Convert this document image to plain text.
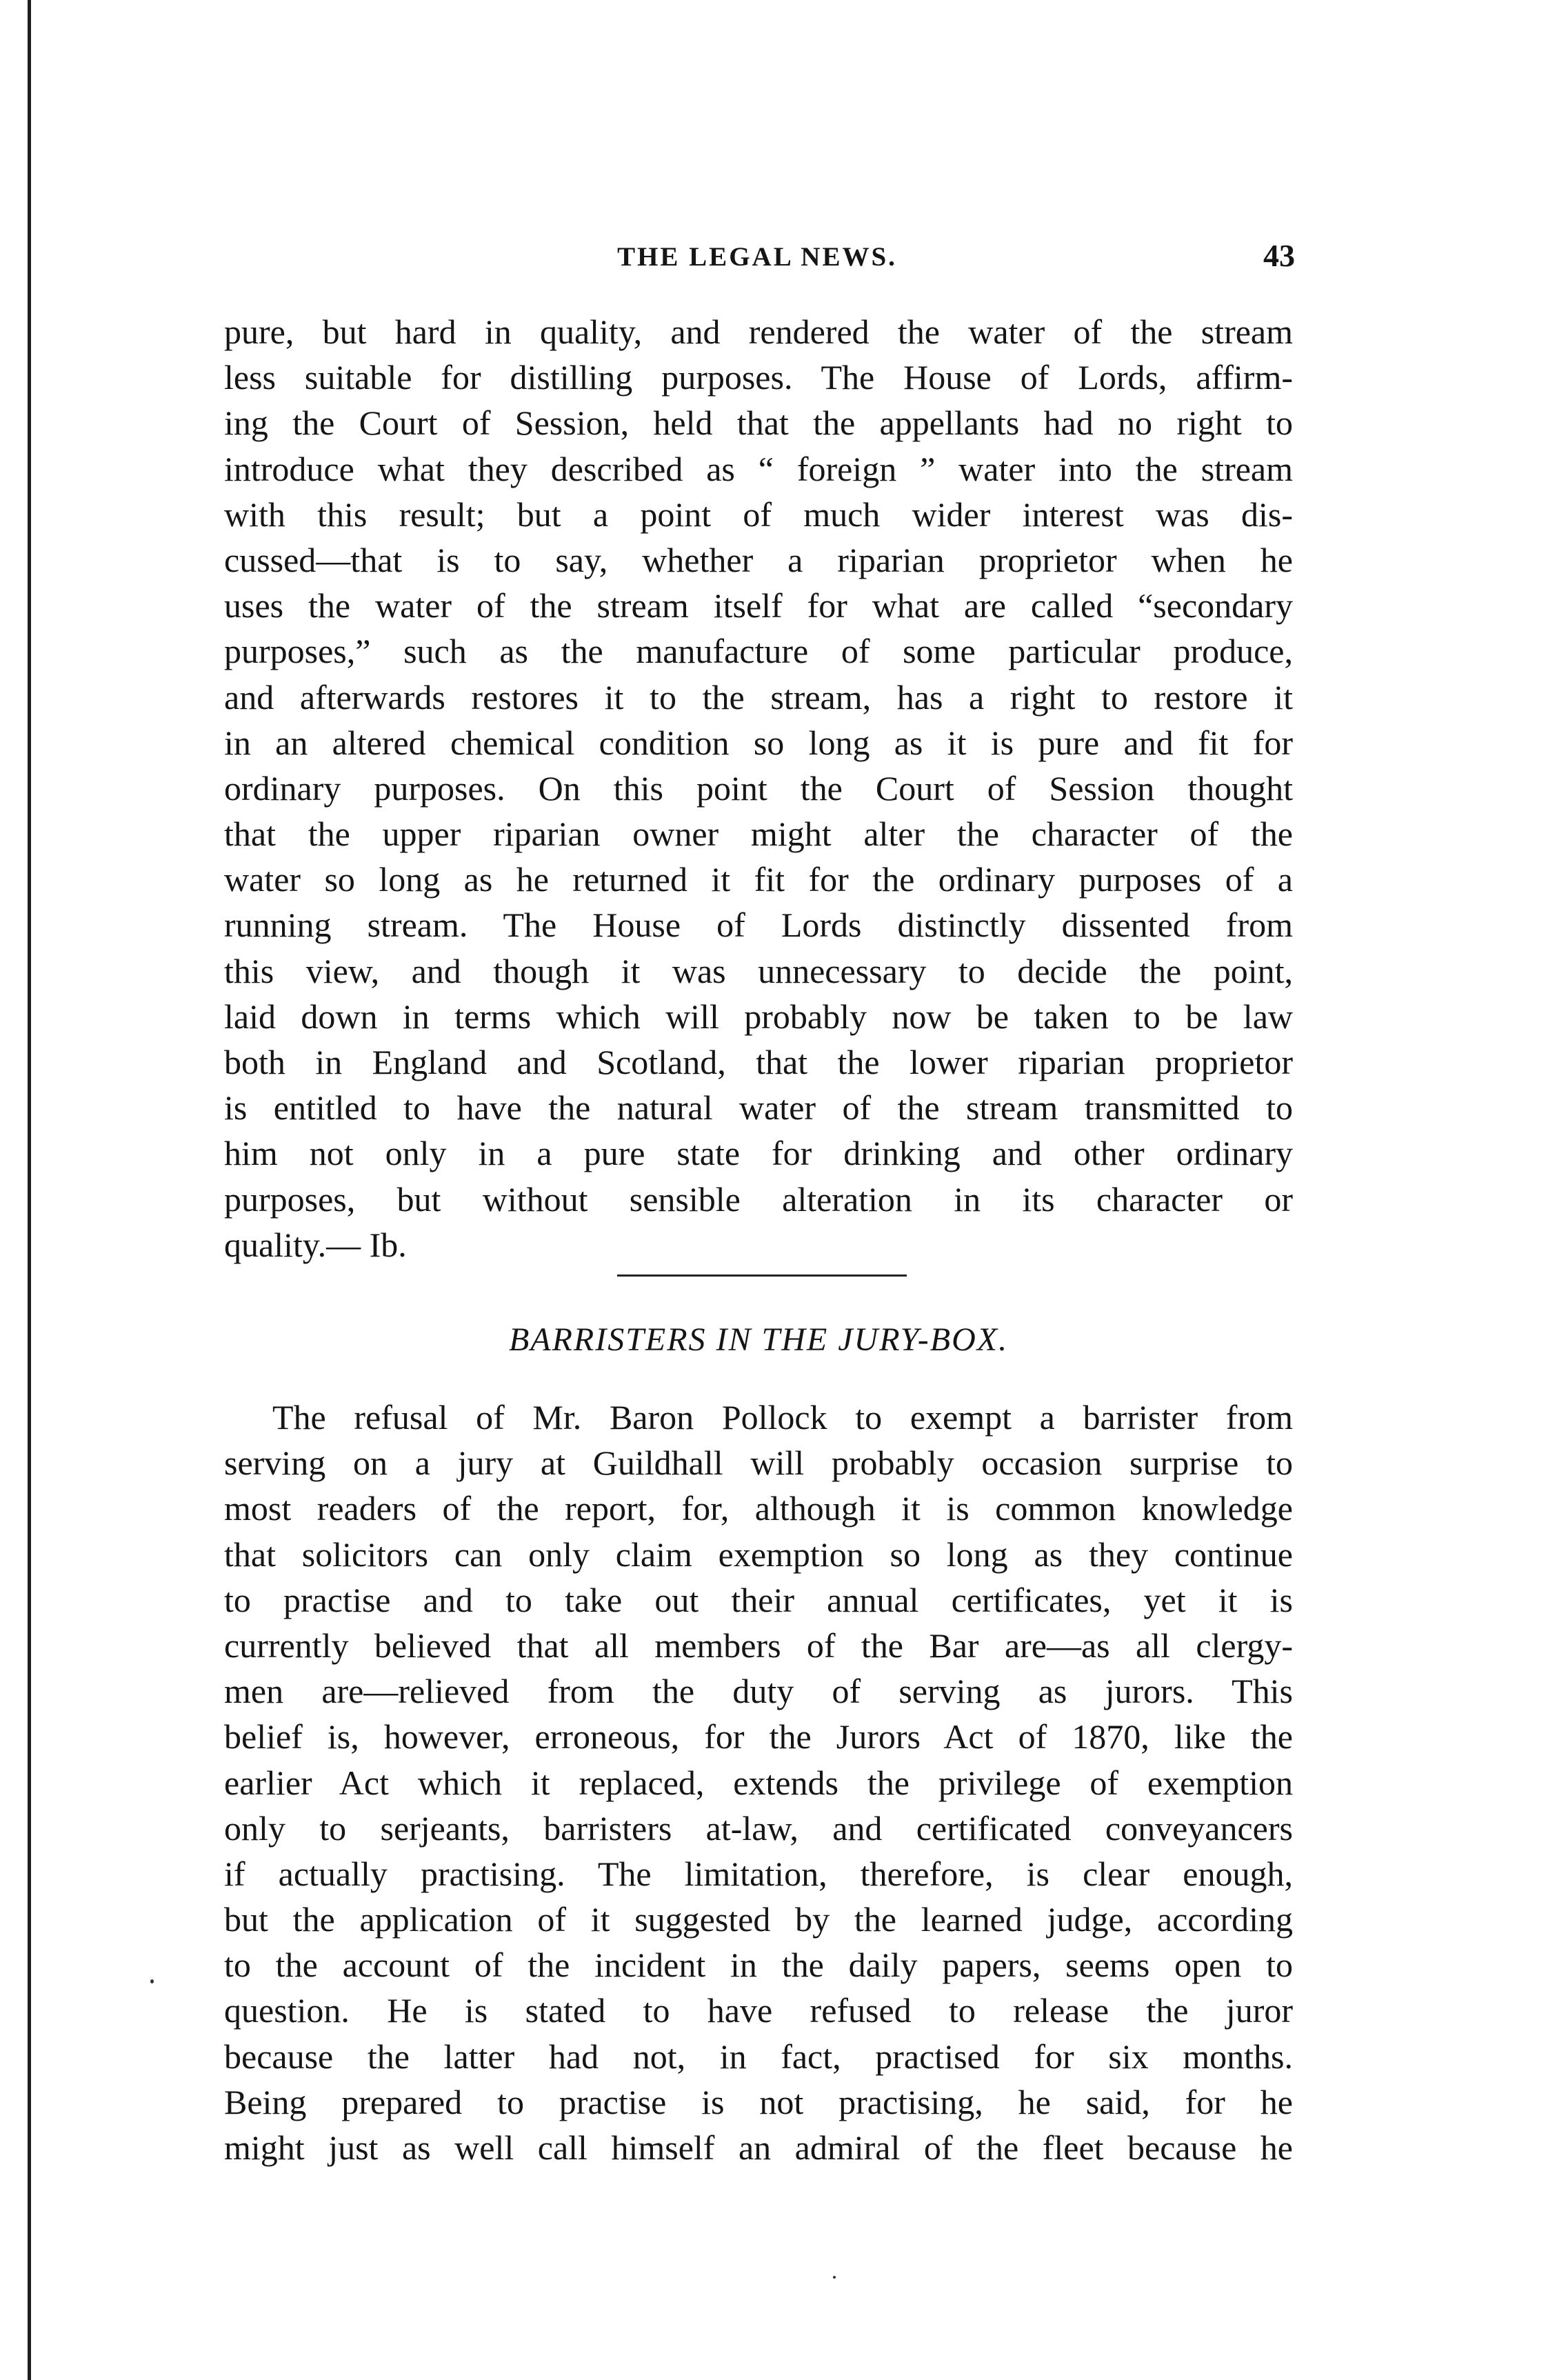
THE LEGAL NEWS.	43
pure, but hard in quality, and rendered the water of the stream
less suitable for distilling purposes. The House of Lords, affirm-
ing the Court of Session, held that the appellants had no right to
introduce what they described as “ foreign ” water into the stream
with this result; but a point of much wider interest was dis-
cussed—that is to say, whether a riparian proprietor when he
uses the water of the stream itself for what are called “secondary
purposes,” such as the manufacture of some particular produce,
and afterwards restores it to the stream, has a right to restore it
in an altered chemical condition so long as it is pure and fit for
ordinary purposes. On this point the Court of Session thought
that the upper riparian owner might alter the character of the
water so long as he returned it fit for the ordinary purposes of a
running stream. The House of Lords distinctly dissented from
this view, and though it was unnecessary to decide the point,
laid down in terms which will probably now be taken to be law
both in England and Scotland, that the lower riparian proprietor
is entitled to have the natural water of the stream transmitted to
him not only in a pure state for drinking and other ordinary
purposes, but without sensible alteration in its character or
quality.— Ib.
BARRISTERS IN THE JURY-BOX.
The refusal of Mr. Baron Pollock to exempt a barrister from
serving on a jury at Guildhall will probably occasion surprise to
most readers of the report, for, although it is common knowledge
that solicitors can only claim exemption so long as they continue
to practise and to take out their annual certificates, yet it is
currently believed that all members of the Bar are—as all clergy-
men are—relieved from the duty of serving as jurors. This
belief is, however, erroneous, for the Jurors Act of 1870, like the
earlier Act which it replaced, extends the privilege of exemption
only to serjeants, barristers at-law, and certificated conveyancers
if actually practising. The limitation, therefore, is clear enough,
but the application of it suggested by the learned judge, according
to the account of the incident in the daily papers, seems open to
question. He is stated to have refused to release the juror
because the latter had not, in fact, practised for six months.
Being prepared to practise is not practising, he said, for he
might just as well call himself an admiral of the fleet because he
